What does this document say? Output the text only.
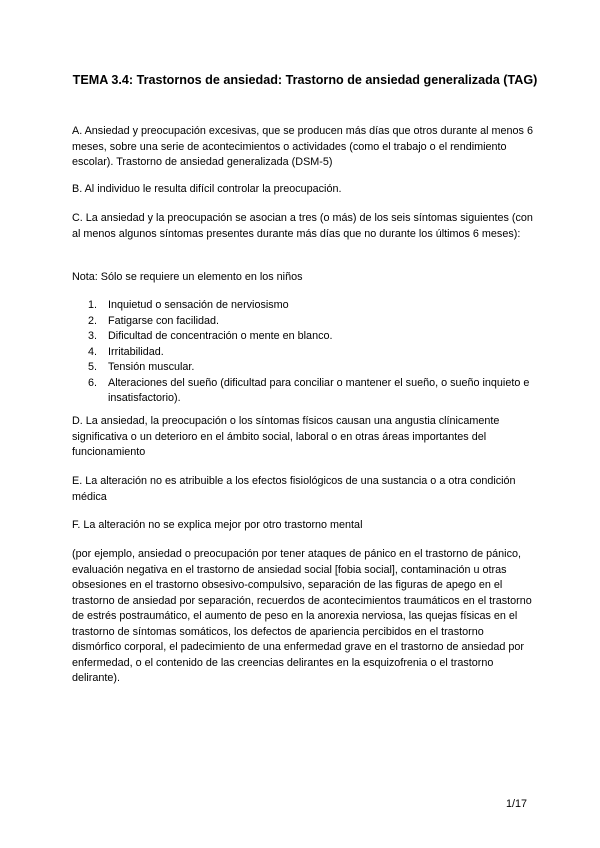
TEMA 3.4: Trastornos de ansiedad: Trastorno de ansiedad generalizada (TAG)

A. Ansiedad y preocupación excesivas, que se producen más días que otros durante al menos 6 meses, sobre una serie de acontecimientos o actividades (como el trabajo o el rendimiento escolar). Trastorno de ansiedad generalizada (DSM-5)

B. Al individuo le resulta difícil controlar la preocupación.

C. La ansiedad y la preocupación se asocian a tres (o más) de los seis síntomas siguientes (con al menos algunos síntomas presentes durante más días que no durante los últimos 6 meses):

Nota: Sólo se requiere un elemento en los niños

1. Inquietud o sensación de nerviosismo
2. Fatigarse con facilidad.
3. Dificultad de concentración o mente en blanco.
4. Irritabilidad.
5. Tensión muscular.
6. Alteraciones del sueño (dificultad para conciliar o mantener el sueño, o sueño inquieto e insatisfactorio).

D. La ansiedad, la preocupación o los síntomas físicos causan una angustia clínicamente significativa o un deterioro en el ámbito social, laboral o en otras áreas importantes del funcionamiento

E. La alteración no es atribuible a los efectos fisiológicos de una sustancia o a otra condición médica

F. La alteración no se explica mejor por otro trastorno mental

(por ejemplo, ansiedad o preocupación por tener ataques de pánico en el trastorno de pánico, evaluación negativa en el trastorno de ansiedad social [fobia social], contaminación u otras obsesiones en el trastorno obsesivo-compulsivo, separación de las figuras de apego en el trastorno de ansiedad por separación, recuerdos de acontecimientos traumáticos en el trastorno de estrés postraumático, el aumento de peso en la anorexia nerviosa, las quejas físicas en el trastorno de síntomas somáticos, los defectos de apariencia percibidos en el trastorno dismórfico corporal, el padecimiento de una enfermedad grave en el trastorno de ansiedad por enfermedad, o el contenido de las creencias delirantes en la esquizofrenia o el trastorno delirante).

1/17
